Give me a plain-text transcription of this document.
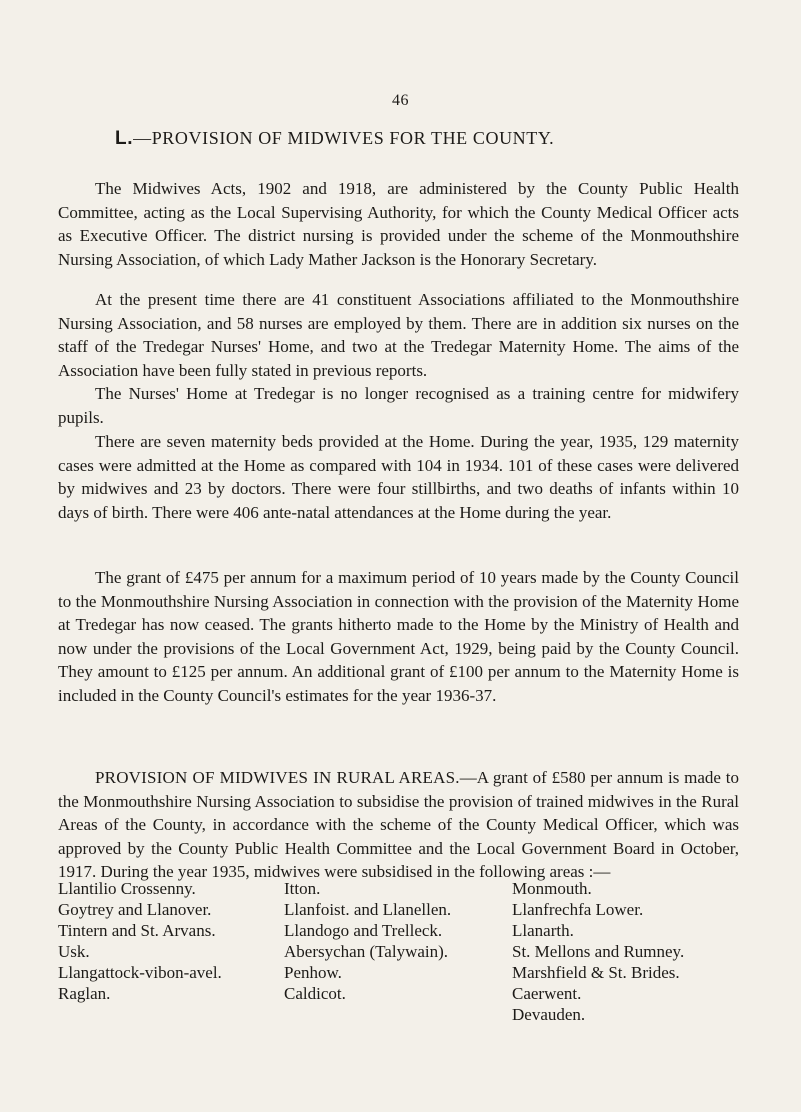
46
L.—PROVISION OF MIDWIVES FOR THE COUNTY.

The Midwives Acts, 1902 and 1918, are administered by the County Public Health Committee, acting as the Local Supervising Authority, for which the County Medical Officer acts as Executive Officer. The district nursing is provided under the scheme of the Monmouthshire Nursing Association, of which Lady Mather Jackson is the Honorary Secretary.

At the present time there are 41 constituent Associations affiliated to the Monmouthshire Nursing Association, and 58 nurses are employed by them. There are in addition six nurses on the staff of the Tredegar Nurses' Home, and two at the Tredegar Maternity Home. The aims of the Association have been fully stated in previous reports.

The Nurses' Home at Tredegar is no longer recognised as a training centre for midwifery pupils.

There are seven maternity beds provided at the Home. During the year, 1935, 129 maternity cases were admitted at the Home as compared with 104 in 1934. 101 of these cases were delivered by midwives and 23 by doctors. There were four stillbirths, and two deaths of infants within 10 days of birth. There were 406 ante-natal attendances at the Home during the year.

The grant of £475 per annum for a maximum period of 10 years made by the County Council to the Monmouthshire Nursing Association in connection with the provision of the Maternity Home at Tredegar has now ceased. The grants hitherto made to the Home by the Ministry of Health and now under the provisions of the Local Government Act, 1929, being paid by the County Council. They amount to £125 per annum. An additional grant of £100 per annum to the Maternity Home is included in the County Council's estimates for the year 1936-37.

PROVISION OF MIDWIVES IN RURAL AREAS.—A grant of £580 per annum is made to the Monmouthshire Nursing Association to subsidise the provision of trained midwives in the Rural Areas of the County, in accordance with the scheme of the County Medical Officer, which was approved by the County Public Health Committee and the Local Government Board in October, 1917. During the year 1935, midwives were subsidised in the following areas :—

Llantilio Crossenny.
Goytrey and Llanover.
Tintern and St. Arvans.
Usk.
Llangattock-vibon-avel.
Raglan.
Itton.
Llanfoist. and Llanellen.
Llandogo and Trelleck.
Abersychan (Talywain).
Penhow.
Caldicot.
Monmouth.
Llanfrechfa Lower.
Llanarth.
St. Mellons and Rumney.
Marshfield & St. Brides.
Caerwent.
Devauden.
